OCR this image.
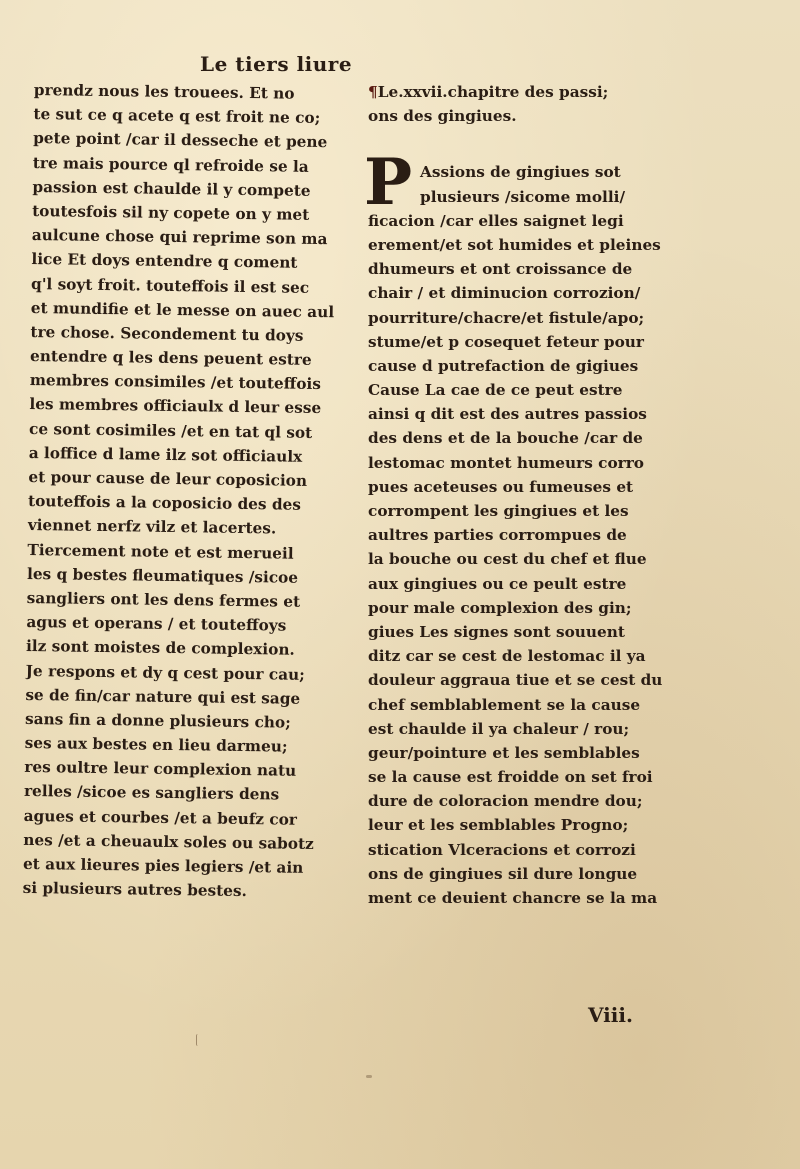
Le tiers liure
prendz nous les trouees. Et no
te sut ce q acete q est froit ne co;
pete point /car il desseche et pene
tre mais pource ql refroide se la
passion est chaulde il y compete
toutesfois sil ny copete on y met
aulcune chose qui reprime son ma
lice Et doys entendre q coment
q'l soyt froit. touteffois il est sec
et mundifie et le messe on auec aul
tre chose. Secondement tu doys
entendre q les dens peuent estre
membres consimiles /et touteffois
les membres officiaulx d leur esse
ce sont cosimiles /et en tat ql sot
a loffice d lame ilz sot officiaulx
et pour cause de leur coposicion
touteffois a la coposicio des des
viennet nerfz vilz et lacertes.
Tiercement note et est merueil
les q bestes fleumatiques /sicoe
sangliers ont les dens fermes et
agus et operans / et touteffoys
ilz sont moistes de complexion.
Je respons et dy q cest pour cau;
se de fin/car nature qui est sage
sans fin a donne plusieurs cho;
ses aux bestes en lieu darmeu;
res oultre leur complexion natu
relles /sicoe es sangliers dens
agues et courbes /et a beufz cor
nes /et a cheuaulx soles ou sabotz
et aux lieures pies legiers /et ain
si plusieurs autres bestes.
¶Le.xxvii.chapitre des passi;
ons des gingiues.
P Assions de gingiues sot
plusieurs /sicome molli/
ficacion /car elles saignet legi
erement/et sot humides et pleines
dhumeurs et ont croissance de
chair / et diminucion corrozion/
pourriture/chacre/et fistule/apo;
stume/et p cosequet feteur pour
cause d putrefaction de gigiues
Cause La cae de ce peut estre
ainsi q dit est des autres passios
des dens et de la bouche /car de
lestomac montet humeurs corro
pues aceteuses ou fumeuses et
corrompent les gingiues et les
aultres parties corrompues de
la bouche ou cest du chef et flue
aux gingiues ou ce peult estre
pour male complexion des gin;
giues Les signes sont souuent
ditz car se cest de lestomac il ya
douleur aggraua tiue et se cest du
chef semblablement se la cause
est chaulde il ya chaleur / rou;
geur/pointure et les semblables
se la cause est froidde on set froi
dure de coloracion mendre dou;
leur et les semblables Progno;
stication Vlceracions et corrozi
ons de gingiues sil dure longue
ment ce deuient chancre se la ma
Viii.
